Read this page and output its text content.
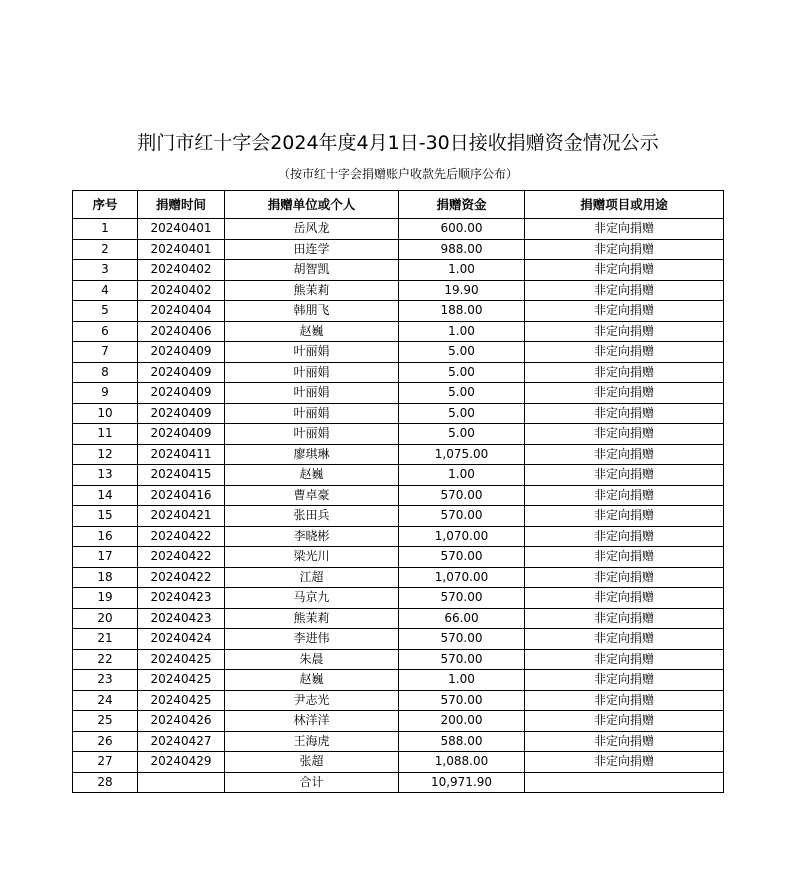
荆门市红十字会2024年度4月1日-30日接收捐赠资金情况公示
（按市红十字会捐赠账户收款先后顺序公布）
序号	捐赠时间	捐赠单位或个人	捐赠资金	捐赠项目或用途
1	20240401	岳风龙	600.00	非定向捐赠
2	20240401	田连学	988.00	非定向捐赠
3	20240402	胡智凯	1.00	非定向捐赠
4	20240402	熊茉莉	19.90	非定向捐赠
5	20240404	韩朋飞	188.00	非定向捐赠
6	20240406	赵巍	1.00	非定向捐赠
7	20240409	叶丽娟	5.00	非定向捐赠
8	20240409	叶丽娟	5.00	非定向捐赠
9	20240409	叶丽娟	5.00	非定向捐赠
10	20240409	叶丽娟	5.00	非定向捐赠
11	20240409	叶丽娟	5.00	非定向捐赠
12	20240411	廖琪琳	1,075.00	非定向捐赠
13	20240415	赵巍	1.00	非定向捐赠
14	20240416	曹卓豪	570.00	非定向捐赠
15	20240421	张田兵	570.00	非定向捐赠
16	20240422	李晓彬	1,070.00	非定向捐赠
17	20240422	梁光川	570.00	非定向捐赠
18	20240422	江超	1,070.00	非定向捐赠
19	20240423	马京九	570.00	非定向捐赠
20	20240423	熊茉莉	66.00	非定向捐赠
21	20240424	李进伟	570.00	非定向捐赠
22	20240425	朱晨	570.00	非定向捐赠
23	20240425	赵巍	1.00	非定向捐赠
24	20240425	尹志光	570.00	非定向捐赠
25	20240426	林洋洋	200.00	非定向捐赠
26	20240427	王海虎	588.00	非定向捐赠
27	20240429	张超	1,088.00	非定向捐赠
28		合计	10,971.90	
